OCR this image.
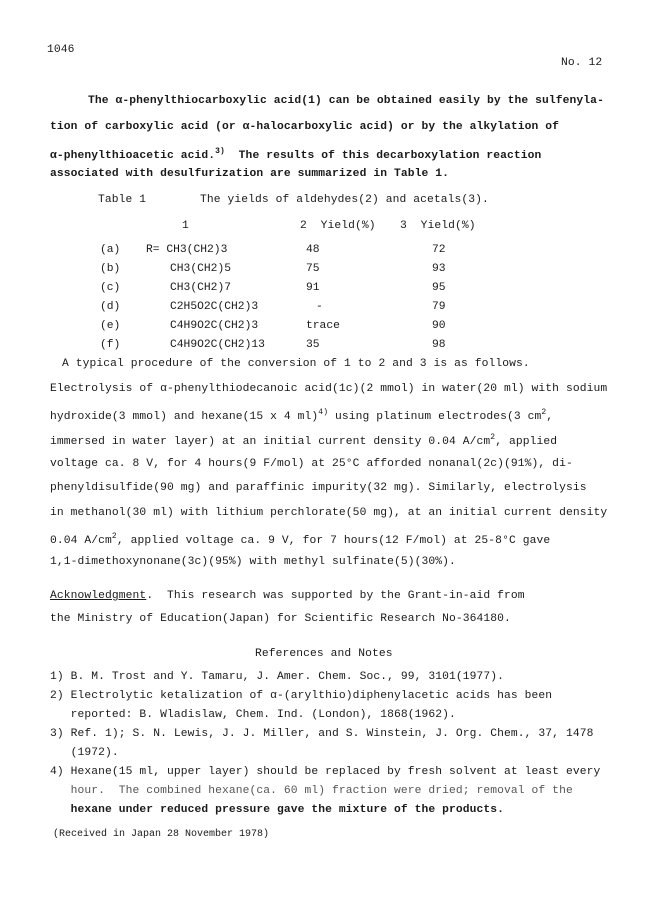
1046
No. 12
The α-phenylthiocarboxylic acid(1) can be obtained easily by the sulfenyla-
tion of carboxylic acid (or α-halocarboxylic acid) or by the alkylation of
α-phenylthioacetic acid.$^{3)}$  The results of this decarboxylation reaction
associated with desulfurization are summarized in Table 1.
Table 1	The yields of aldehydes(2) and acetals(3).
1	2  Yield(%) 3  Yield(%)
(a)	R= CH3(CH2)3	48	72
(b)	CH3(CH2)5	75	93
(c)	CH3(CH2)7	91	95
(d)	C2H5O2C(CH2)3	-	79
(e)	C4H9O2C(CH2)3	trace	90
(f)	C4H9O2C(CH2)13	35	98
A typical procedure of the conversion of 1 to 2 and 3 is as follows.
Electrolysis of α-phenylthiodecanoic acid(1c)(2 mmol) in water(20 ml) with sodium
hydroxide(3 mmol) and hexane(15 x 4 ml)$^{4)}$ using platinum electrodes(3 $cm^2$,
immersed in water layer) at an initial current density 0.04 $A/cm^2$, applied
voltage ca. 8 V, for 4 hours(9 F/mol) at 25°C afforded nonanal(2c)(91%), di-
phenyldisulfide(90 mg) and paraffinic impurity(32 mg). Similarly, electrolysis
in methanol(30 ml) with lithium perchlorate(50 mg), at an initial current density
0.04 $A/cm^2$, applied voltage ca. 9 V, for 7 hours(12 F/mol) at 25-8°C gave
1,1-dimethoxynonane(3c)(95%) with methyl sulfinate(5)(30%).
Acknowledgment.  This research was supported by the Grant-in-aid from
the Ministry of Education(Japan) for Scientific Research No-364180.
References and Notes
1) B. M. Trost and Y. Tamaru, J. Amer. Chem. Soc., 99, 3101(1977).
2) Electrolytic ketalization of α-(arylthio)diphenylacetic acids has been
reported: B. Wladislaw, Chem. Ind. (London), 1868(1962).
3) Ref. 1); S. N. Lewis, J. J. Miller, and S. Winstein, J. Org. Chem., 37, 1478
(1972).
4) Hexane(15 ml, upper layer) should be replaced by fresh solvent at least every
hour.  The combined hexane(ca. 60 ml) fraction were dried; removal of the
hexane under reduced pressure gave the mixture of the products.
(Received in Japan 28 November 1978)
